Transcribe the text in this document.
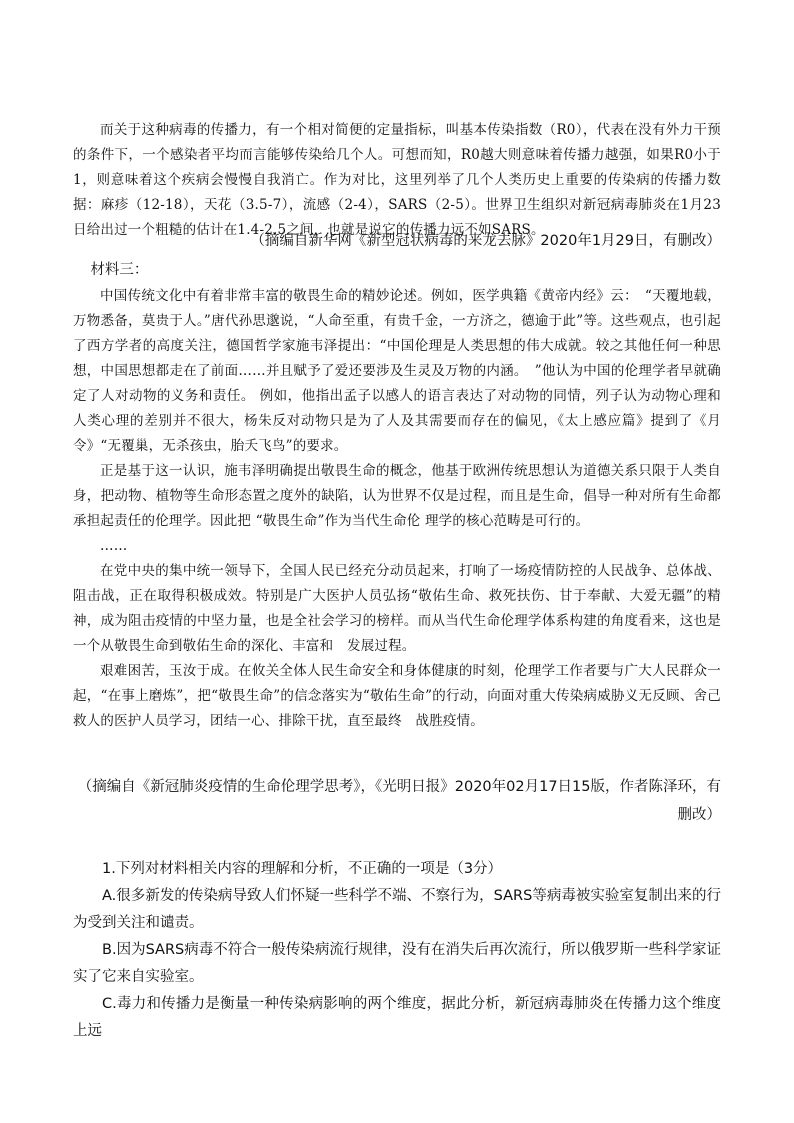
而关于这种病毒的传播力，有一个相对简便的定量指标，叫基本传染指数（R0），代表在没有外力干预的条件下，一个感染者平均而言能够传染给几个人。可想而知，R0越大则意味着传播力越强，如果R0小于1，则意味着这个疾病会慢慢自我消亡。作为对比，这里列举了几个人类历史上重要的传染病的传播力数据：麻疹（12-18），天花（3.5-7），流感（2-4），SARS（2-5）。世界卫生组织对新冠病毒肺炎在1月23日给出过一个粗糙的估计在1.4-2.5之间，也就是说它的传播力远不如SARS。

（摘编自新华网《新型冠状病毒的来龙去脉》2020年1月29日，有删改）

材料三：

中国传统文化中有着非常丰富的敬畏生命的精妙论述。例如，医学典籍《黄帝内经》云：　“天覆地载，万物悉备，莫贵于人。”唐代孙思邈说，“人命至重，有贵千金，一方济之，德逾于此”等。这些观点，也引起了西方学者的高度关注，德国哲学家施韦泽提出：“中国伦理是人类思想的伟大成就。较之其他任何一种思想，中国思想都走在了前面……并且赋予了爱还要涉及生灵及万物的内涵。　”他认为中国的伦理学者早就确定了人对动物的义务和责任。 例如，他指出孟子以感人的语言表达了对动物的同情，列子认为动物心理和人类心理的差别并不很大，杨朱反对动物只是为了人及其需要而存在的偏见，《太上感应篇》提到了《月令》“无覆巢，无杀孩虫，胎夭飞鸟”的要求。

正是基于这一认识，施韦泽明确提出敬畏生命的概念，他基于欧洲传统思想认为道德关系只限于人类自身，把动物、植物等生命形态置之度外的缺陷，认为世界不仅是过程，而且是生命，倡导一种对所有生命都承担起责任的伦理学。因此把 “敬畏生命”作为当代生命伦 理学的核心范畴是可行的。

……

在党中央的集中统一领导下，全国人民已经充分动员起来，打响了一场疫情防控的人民战争、总体战、阻击战，正在取得积极成效。特别是广大医护人员弘扬“敬佑生命、救死扶伤、甘于奉献、大爱无疆”的精神，成为阻击疫情的中坚力量，也是全社会学习的榜样。而从当代生命伦理学体系构建的角度看来，这也是一个从敬畏生命到敬佑生命的深化、丰富和　发展过程。

艰难困苦，玉汝于成。在攸关全体人民生命安全和身体健康的时刻，伦理学工作者要与广大人民群众一起，“在事上磨炼”，把“敬畏生命”的信念落实为“敬佑生命”的行动，向面对重大传染病威胁义无反顾、舍己救人的医护人员学习，团结一心、排除干扰，直至最终　战胜疫情。

（摘编自《新冠肺炎疫情的生命伦理学思考》，《光明日报》2020年02月17日15版，作者陈泽环，有删改）

1.下列对材料相关内容的理解和分析，不正确的一项是（3分）

A.很多新发的传染病导致人们怀疑一些科学不端、不察行为，SARS等病毒被实验室复制出来的行为受到关注和谴责。

B.因为SARS病毒不符合一般传染病流行规律，没有在消失后再次流行，所以俄罗斯一些科学家证实了它来自实验室。

C.毒力和传播力是衡量一种传染病影响的两个维度，据此分析，新冠病毒肺炎在传播力这个维度上远
